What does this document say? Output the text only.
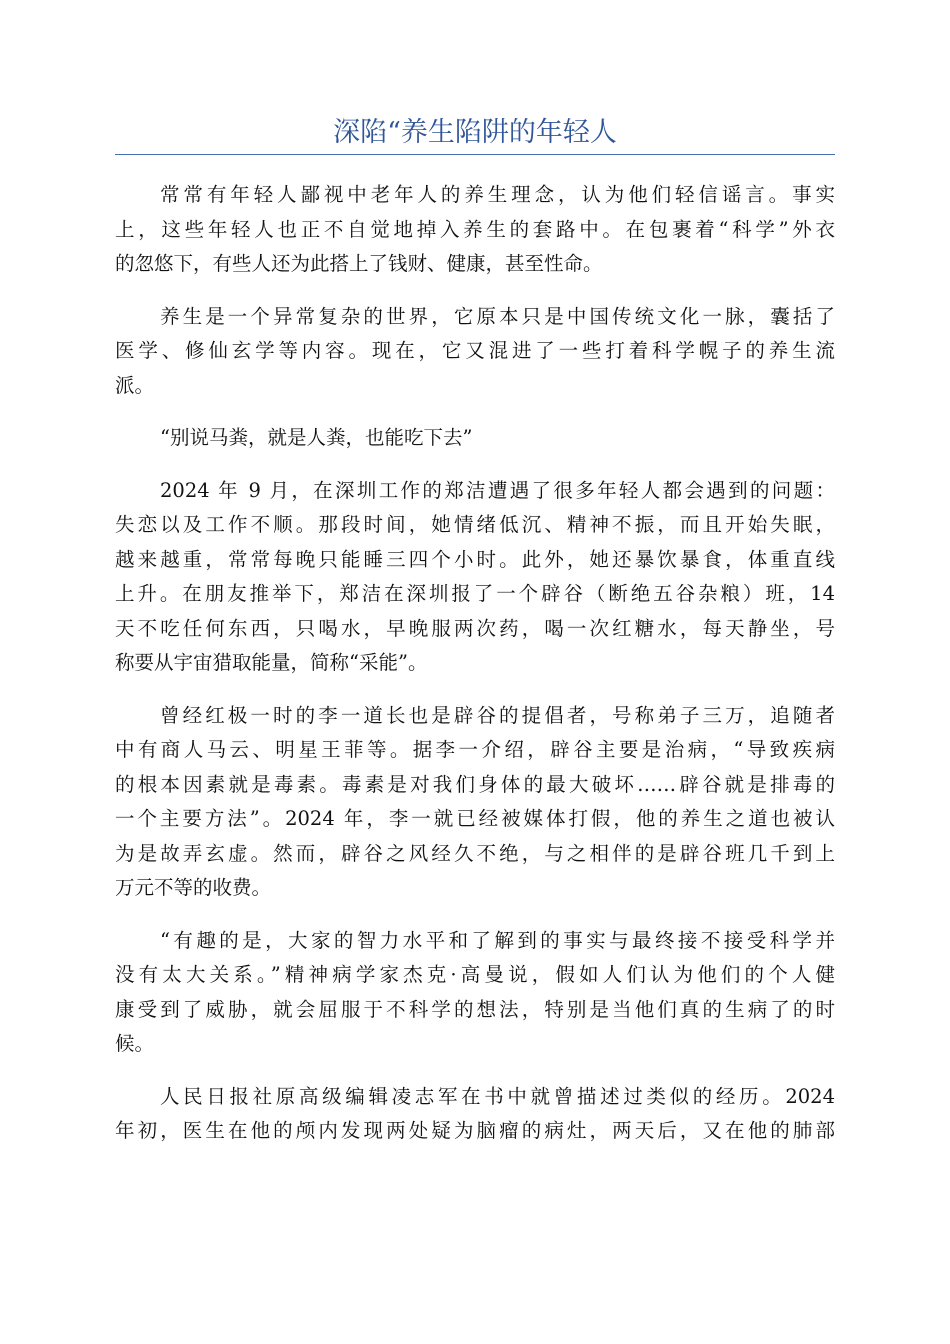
深陷“养生陷阱的年轻人
常常有年轻人鄙视中老年人的养生理念，认为他们轻信谣言。事实
上，这些年轻人也正不自觉地掉入养生的套路中。在包裹着“科学”外衣
的忽悠下，有些人还为此搭上了钱财、健康，甚至性命。
养生是一个异常复杂的世界，它原本只是中国传统文化一脉，囊括了
医学、修仙玄学等内容。现在，它又混进了一些打着科学幌子的养生流
派。
“别说马粪，就是人粪，也能吃下去”
2024 年 9 月，在深圳工作的郑洁遭遇了很多年轻人都会遇到的问题：
失恋以及工作不顺。那段时间，她情绪低沉、精神不振，而且开始失眠，
越来越重，常常每晚只能睡三四个小时。此外，她还暴饮暴食，体重直线
上升。在朋友推举下，郑洁在深圳报了一个辟谷（断绝五谷杂粮）班，14
天不吃任何东西，只喝水，早晚服两次药，喝一次红糖水，每天静坐，号
称要从宇宙猎取能量，简称“采能”。
曾经红极一时的李一道长也是辟谷的提倡者，号称弟子三万，追随者
中有商人马云、明星王菲等。据李一介绍，辟谷主要是治病，“导致疾病
的根本因素就是毒素。毒素是对我们身体的最大破坏……辟谷就是排毒的
一个主要方法”。2024 年，李一就已经被媒体打假，他的养生之道也被认
为是故弄玄虚。然而，辟谷之风经久不绝，与之相伴的是辟谷班几千到上
万元不等的收费。
“有趣的是，大家的智力水平和了解到的事实与最终接不接受科学并
没有太大关系。”精神病学家杰克·高曼说，假如人们认为他们的个人健
康受到了威胁，就会屈服于不科学的想法，特别是当他们真的生病了的时
候。
人民日报社原高级编辑凌志军在书中就曾描述过类似的经历。2024
年初，医生在他的颅内发现两处疑为脑瘤的病灶，两天后，又在他的肺部
